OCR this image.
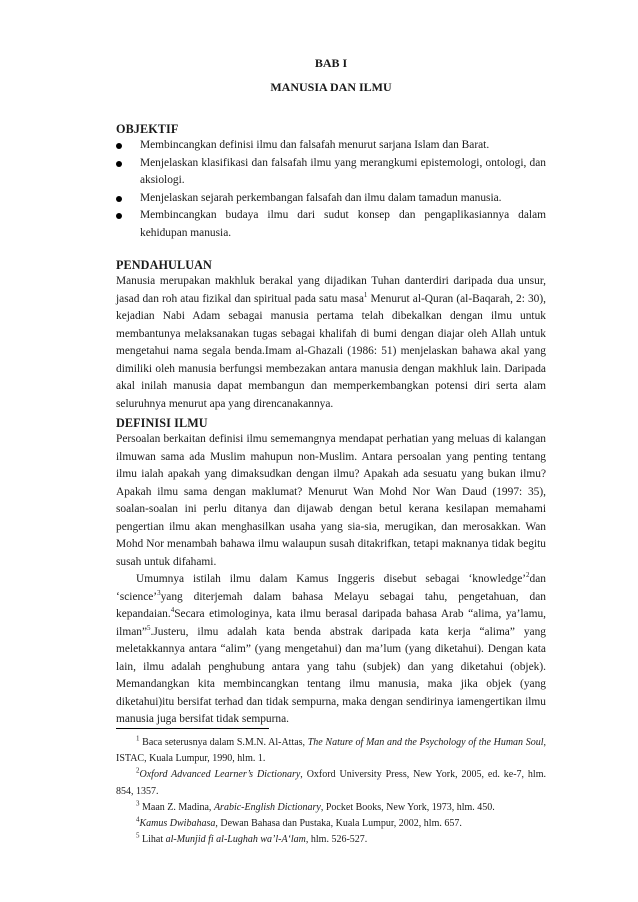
BAB I
MANUSIA DAN ILMU
OBJEKTIF
Membincangkan definisi ilmu dan falsafah menurut sarjana Islam dan Barat.
Menjelaskan klasifikasi dan falsafah ilmu yang merangkumi epistemologi, ontologi, dan aksiologi.
Menjelaskan sejarah perkembangan falsafah dan ilmu dalam tamadun manusia.
Membincangkan budaya ilmu dari sudut konsep dan pengaplikasiannya dalam kehidupan manusia.
PENDAHULUAN
Manusia merupakan makhluk berakal yang dijadikan Tuhan danterdiri daripada dua unsur, jasad dan roh atau fizikal dan spiritual pada satu masa$^1$ Menurut al-Quran (al-Baqarah, 2: 30), kejadian Nabi Adam sebagai manusia pertama telah dibekalkan dengan ilmu untuk membantunya melaksanakan tugas sebagai khalifah di bumi dengan diajar oleh Allah untuk mengetahui nama segala benda.Imam al-Ghazali (1986: 51) menjelaskan bahawa akal yang dimiliki oleh manusia berfungsi membezakan antara manusia dengan makhluk lain. Daripada akal inilah manusia dapat membangun dan memperkembangkan potensi diri serta alam seluruhnya menurut apa yang direncanakannya.
DEFINISI ILMU
Persoalan berkaitan definisi ilmu sememangnya mendapat perhatian yang meluas di kalangan ilmuwan sama ada Muslim mahupun non-Muslim. Antara persoalan yang penting tentang ilmu ialah apakah yang dimaksudkan dengan ilmu? Apakah ada sesuatu yang bukan ilmu? Apakah ilmu sama dengan maklumat? Menurut Wan Mohd Nor Wan Daud (1997: 35), soalan-soalan ini perlu ditanya dan dijawab dengan betul kerana kesilapan memahami pengertian ilmu akan menghasilkan usaha yang sia-sia, merugikan, dan merosakkan. Wan Mohd Nor menambah bahawa ilmu walaupun susah ditakrifkan, tetapi maknanya tidak begitu susah untuk difahami.
Umumnya istilah ilmu dalam Kamus Inggeris disebut sebagai ‘knowledge’$^2$dan ‘science’$^3$yang diterjemah dalam bahasa Melayu sebagai tahu, pengetahuan, dan kepandaian.$^4$Secara etimologinya, kata ilmu berasal daripada bahasa Arab “alima, ya’lamu, ilman”$^5$.Justeru, ilmu adalah kata benda abstrak daripada kata kerja “alima” yang meletakkannya antara “alim” (yang mengetahui) dan ma’lum (yang diketahui). Dengan kata lain, ilmu adalah penghubung antara yang tahu (subjek) dan yang diketahui (objek). Memandangkan kita membincangkan tentang ilmu manusia, maka jika objek (yang diketahui)itu bersifat terhad dan tidak sempurna, maka dengan sendirinya iamengertikan ilmu manusia juga bersifat tidak sempurna.

$^1$ Baca seterusnya dalam S.M.N. Al-Attas, The Nature of Man and the Psychology of the Human Soul, ISTAC, Kuala Lumpur, 1990, hlm. 1.

$^2$Oxford Advanced Learner’s Dictionary, Oxford University Press, New York, 2005, ed. ke-7, hlm. 854, 1357.

$^3$ Maan Z. Madina, Arabic-English Dictionary, Pocket Books, New York, 1973, hlm. 450.

$^4$Kamus Dwibahasa, Dewan Bahasa dan Pustaka, Kuala Lumpur, 2002, hlm. 657.

$^5$ Lihat al-Munjid fi al-Lughah wa’l-A‘lam, hlm. 526-527.
